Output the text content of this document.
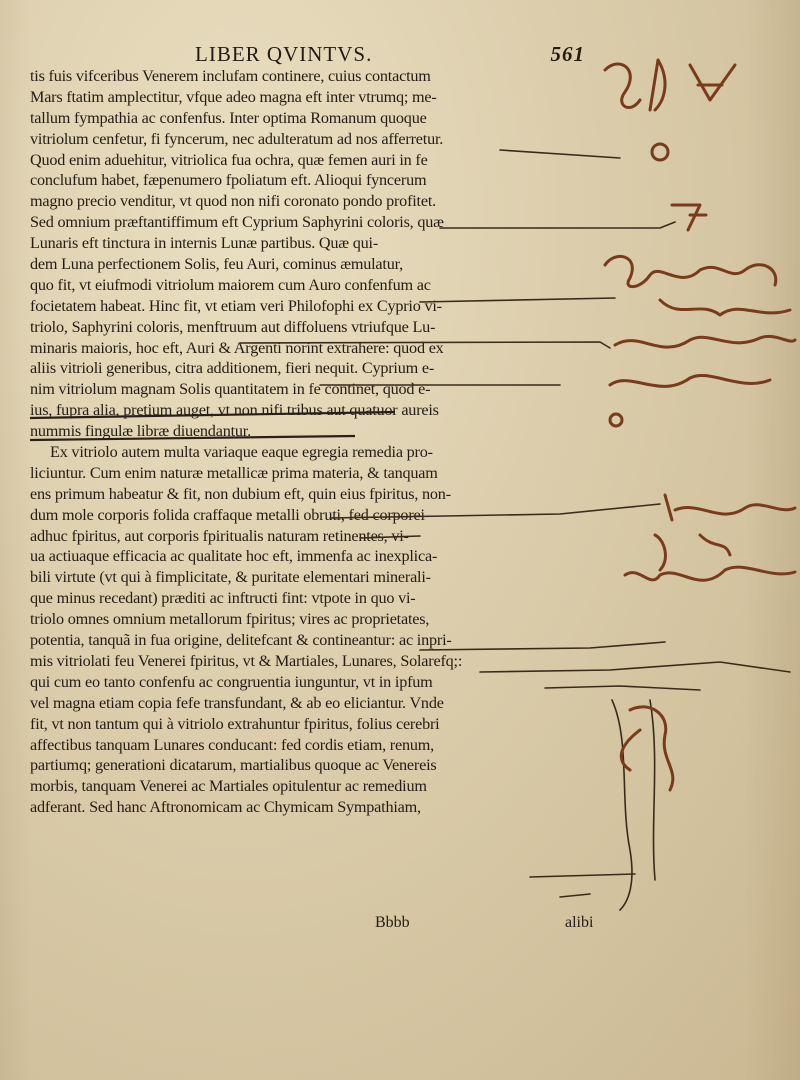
LIBER QVINTVS.	561
tis fuis vifceribus Venerem inclufam continere, cuius contactum
Mars ftatim amplectitur, vfque adeo magna eft inter vtrumq; me-
tallum fympathia ac confenfus. Inter optima Romanum quoque
vitriolum cenfetur, fi fyncerum, nec adulteratum ad nos afferretur.
Quod enim aduehitur, vitriolica fua ochra, quæ femen auri in fe
conclufum habet, fæpenumero fpoliatum eft. Alioqui fyncerum
magno precio venditur, vt quod non nifi coronato pondo profitet.
Sed omnium præftantiffimum eft Cyprium Saphyrini coloris, quæ
Lunaris eft tinctura in internis Lunæ partibus. Quæ qui-
dem Luna perfectionem Solis, feu Auri, cominus æmulatur,
quo fit, vt eiufmodi vitriolum maiorem cum Auro confenfum ac
focietatem habeat. Hinc fit, vt etiam veri Philofophi ex Cyprio vi-
triolo, Saphyrini coloris, menftruum aut diffoluens vtriufque Lu-
minaris maioris, hoc eft, Auri & Argenti norint extrahere: quod ex
aliis vitrioli generibus, citra additionem, fieri nequit. Cyprium e-
nim vitriolum magnam Solis quantitatem in fe continet, quod e-
ius, fupra alia, pretium auget, vt non nifi tribus aut quatuor aureis
nummis fingulæ libræ diuendantur.
Ex vitriolo autem multa variaque eaque egregia remedia pro-
liciuntur. Cum enim naturæ metallicæ prima materia, & tanquam
ens primum habeatur & fit, non dubium eft, quin eius fpiritus, non-
dum mole corporis folida craffaque metalli obruti, fed corporei
adhuc fpiritus, aut corporis fpiritualis naturam retinentes, vi-
ua actiuaque efficacia ac qualitate hoc eft, immenfa ac inexplica-
bili virtute (vt qui à fimplicitate, & puritate elementari minerali-
que minus recedant) præditi ac inftructi fint: vtpote in quo vi-
triolo omnes omnium metallorum fpiritus; vires ac proprietates,
potentia, tanquã in fua origine, delitefcant & contineantur: ac inpri-
mis vitriolati feu Venerei fpiritus, vt & Martiales, Lunares, Solarefq;:
qui cum eo tanto confenfu ac congruentia iunguntur, vt in ipfum
vel magna etiam copia fefe transfundant, & ab eo eliciantur. Vnde
fit, vt non tantum qui à vitriolo extrahuntur fpiritus, folius cerebri
affectibus tanquam Lunares conducant: fed cordis etiam, renum,
partiumq; generationi dicatarum, martialibus quoque ac Venereis
morbis, tanquam Venerei ac Martiales opitulentur ac remedium
adferant. Sed hanc Aftronomicam ac Chymicam Sympathiam,
Bbbb	alibi
